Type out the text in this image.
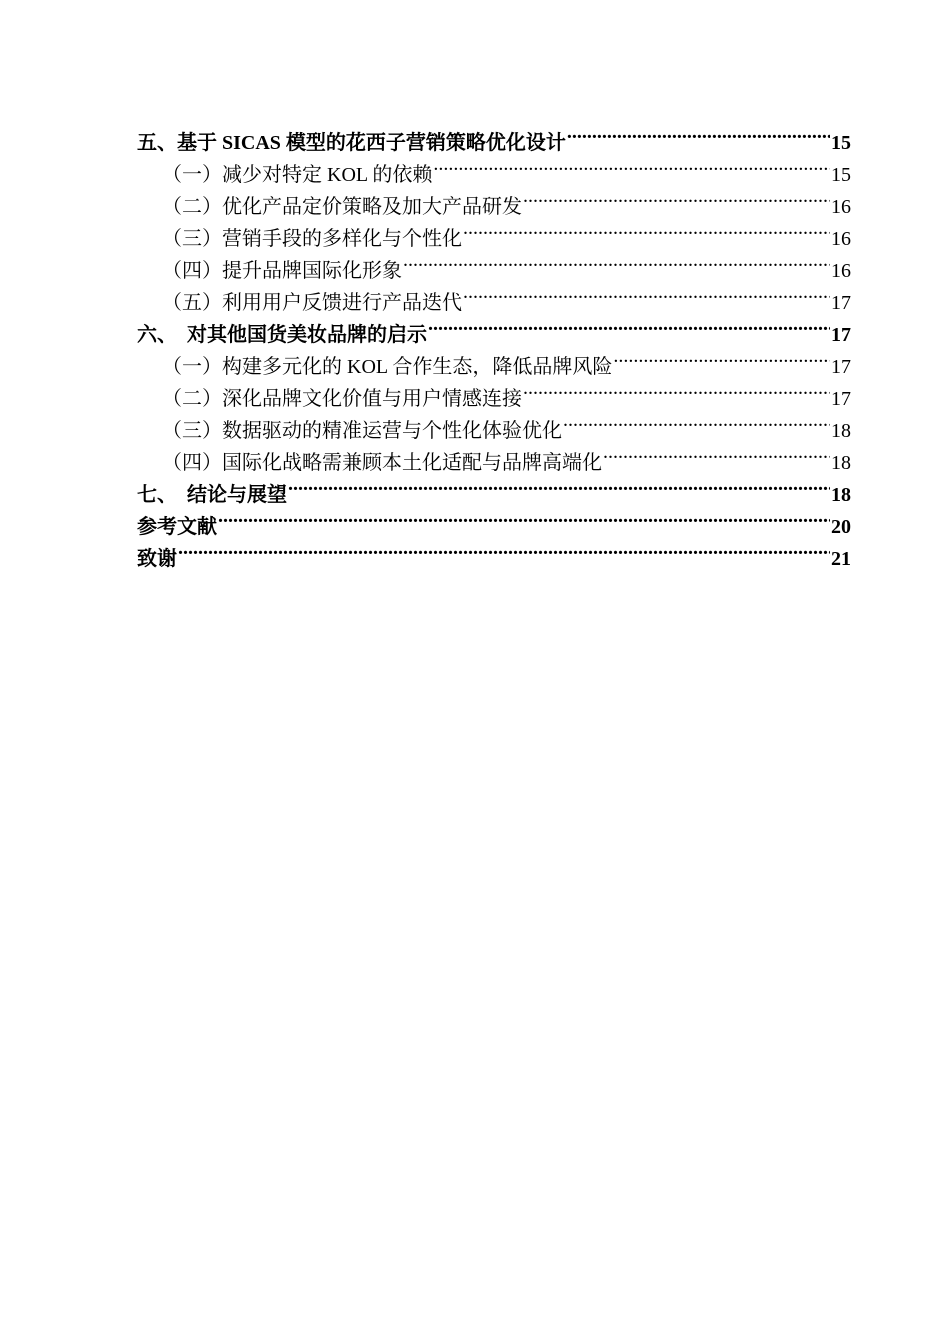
五、基于 SICAS 模型的花西子营销策略优化设计 .....	15
（一）减少对特定 KOL 的依赖 .....	15
（二）优化产品定价策略及加大产品研发 .....	16
（三）营销手段的多样化与个性化 .....	16
（四）提升品牌国际化形象 .....	16
（五）利用用户反馈进行产品迭代 .....	17
六、  对其他国货美妆品牌的启示 .....	17
（一）构建多元化的 KOL 合作生态，降低品牌风险 .....	17
（二）深化品牌文化价值与用户情感连接 .....	17
（三）数据驱动的精准运营与个性化体验优化 .....	18
（四）国际化战略需兼顾本土化适配与品牌高端化 .....	18
七、  结论与展望 .....	18
参考文献 .....	20
致谢 .....	21
